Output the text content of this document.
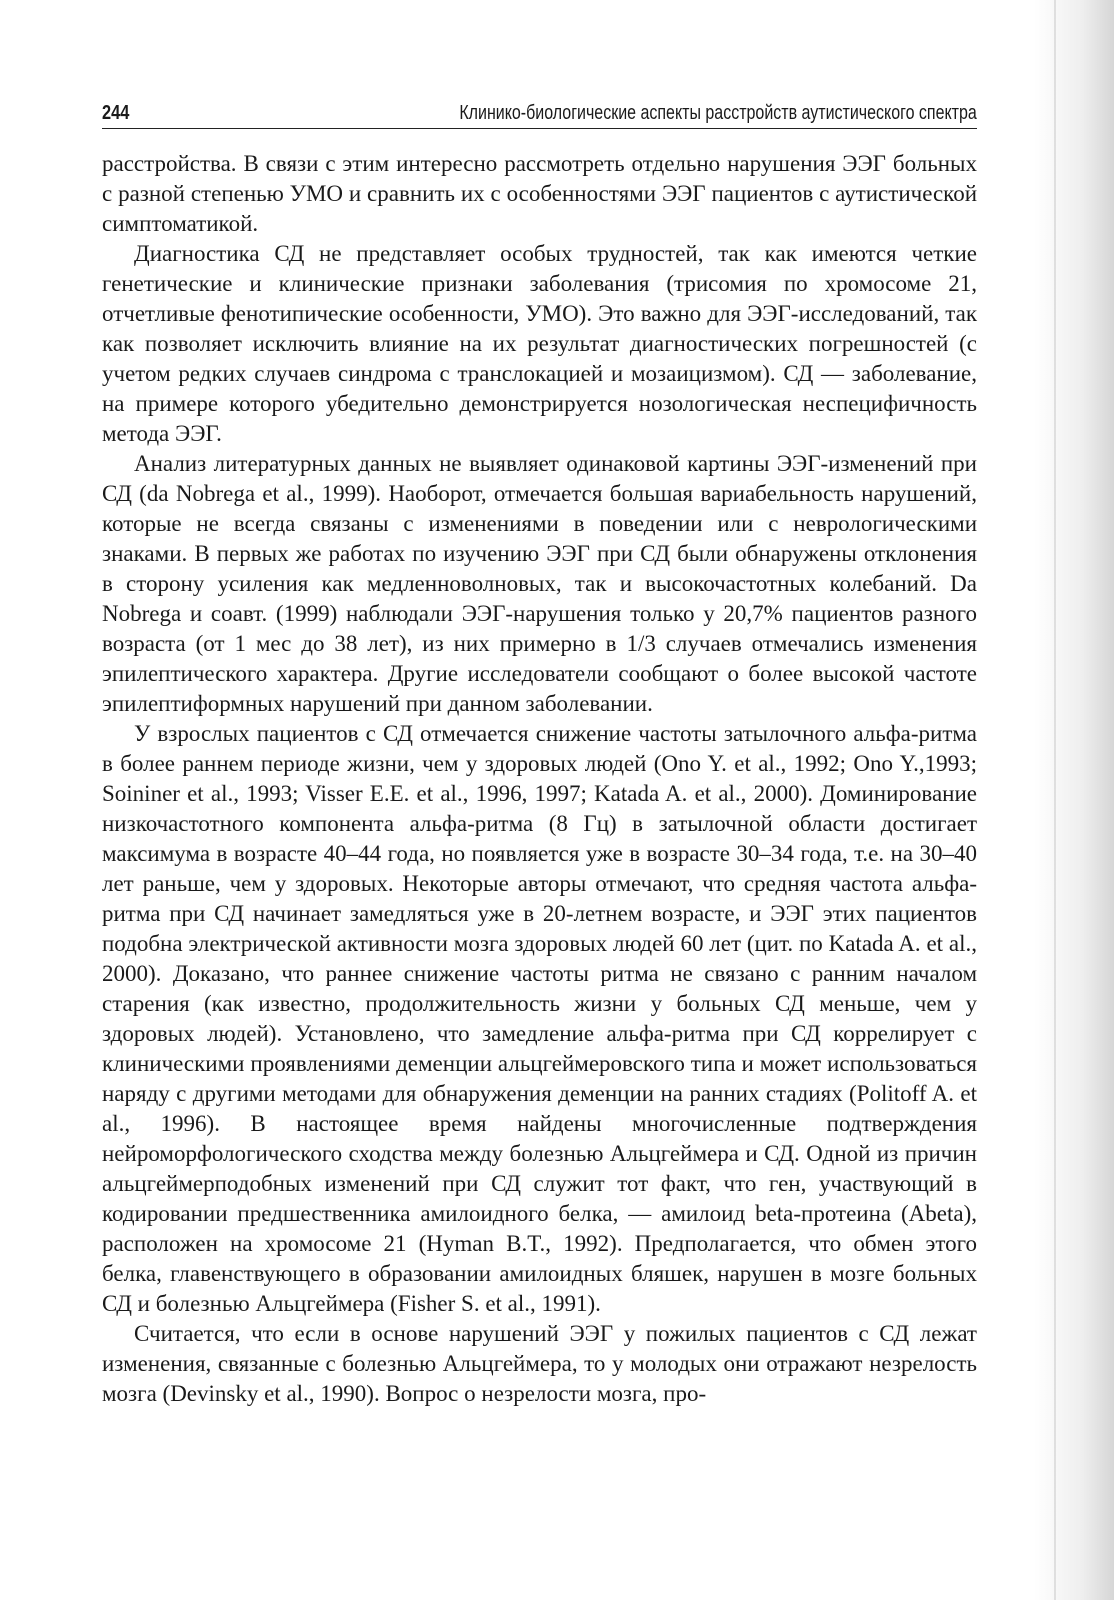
244	Клинико-биологические аспекты расстройств аутистического спектра

расстройства. В связи с этим интересно рассмотреть отдельно нарушения ЭЭГ больных с разной степенью УМО и сравнить их с особенностями ЭЭГ пациентов с аутистической симптоматикой.

Диагностика СД не представляет особых трудностей, так как имеются четкие генетические и клинические признаки заболевания (трисомия по хромосоме 21, отчетливые фенотипические особенности, УМО). Это важно для ЭЭГ-исследований, так как позволяет исключить влияние на их результат диагностических погрешностей (с учетом редких случаев синдрома с транслокацией и мозаицизмом). СД — заболевание, на примере которого убедительно демонстрируется нозологическая неспецифичность метода ЭЭГ.

Анализ литературных данных не выявляет одинаковой картины ЭЭГ-изменений при СД (da Nobrega et al., 1999). Наоборот, отмечается большая вариабельность нарушений, которые не всегда связаны с изменениями в поведении или с неврологическими знаками. В первых же работах по изучению ЭЭГ при СД были обнаружены отклонения в сторону усиления как медленноволновых, так и высокочастотных колебаний. Da Nobrega и соавт. (1999) наблюдали ЭЭГ-нарушения только у 20,7% пациентов разного возраста (от 1 мес до 38 лет), из них примерно в 1/3 случаев отмечались изменения эпилептического характера. Другие исследователи сообщают о более высокой частоте эпилептиформных нарушений при данном заболевании.

У взрослых пациентов с СД отмечается снижение частоты затылочного альфа-ритма в более раннем периоде жизни, чем у здоровых людей (Ono Y. et al., 1992; Ono Y.,1993; Soininer et al., 1993; Visser E.E. et al., 1996, 1997; Katada A. et al., 2000). Доминирование низкочастотного компонента альфа-ритма (8 Гц) в затылочной области достигает максимума в возрасте 40–44 года, но появляется уже в возрасте 30–34 года, т.е. на 30–40 лет раньше, чем у здоровых. Некоторые авторы отмечают, что средняя частота альфа-ритма при СД начинает замедляться уже в 20-летнем возрасте, и ЭЭГ этих пациентов подобна электрической активности мозга здоровых людей 60 лет (цит. по Katada A. et al., 2000). Доказано, что раннее снижение частоты ритма не связано с ранним началом старения (как известно, продолжительность жизни у больных СД меньше, чем у здоровых людей). Установлено, что замедление альфа-ритма при СД коррелирует с клиническими проявлениями деменции альцгеймеровского типа и может использоваться наряду с другими методами для обнаружения деменции на ранних стадиях (Politoff A. et al., 1996). В настоящее время найдены многочисленные подтверждения нейроморфологического сходства между болезнью Альцгеймера и СД. Одной из причин альцгеймерподобных изменений при СД служит тот факт, что ген, участвующий в кодировании предшественника амилоидного белка, — амилоид beta-протеина (Abeta), расположен на хромосоме 21 (Hyman B.T., 1992). Предполагается, что обмен этого белка, главенствующего в образовании амилоидных бляшек, нарушен в мозге больных СД и болезнью Альцгеймера (Fisher S. et al., 1991).

Считается, что если в основе нарушений ЭЭГ у пожилых пациентов с СД лежат изменения, связанные с болезнью Альцгеймера, то у молодых они отражают незрелость мозга (Devinsky et al., 1990). Вопрос о незрелости мозга, про-
